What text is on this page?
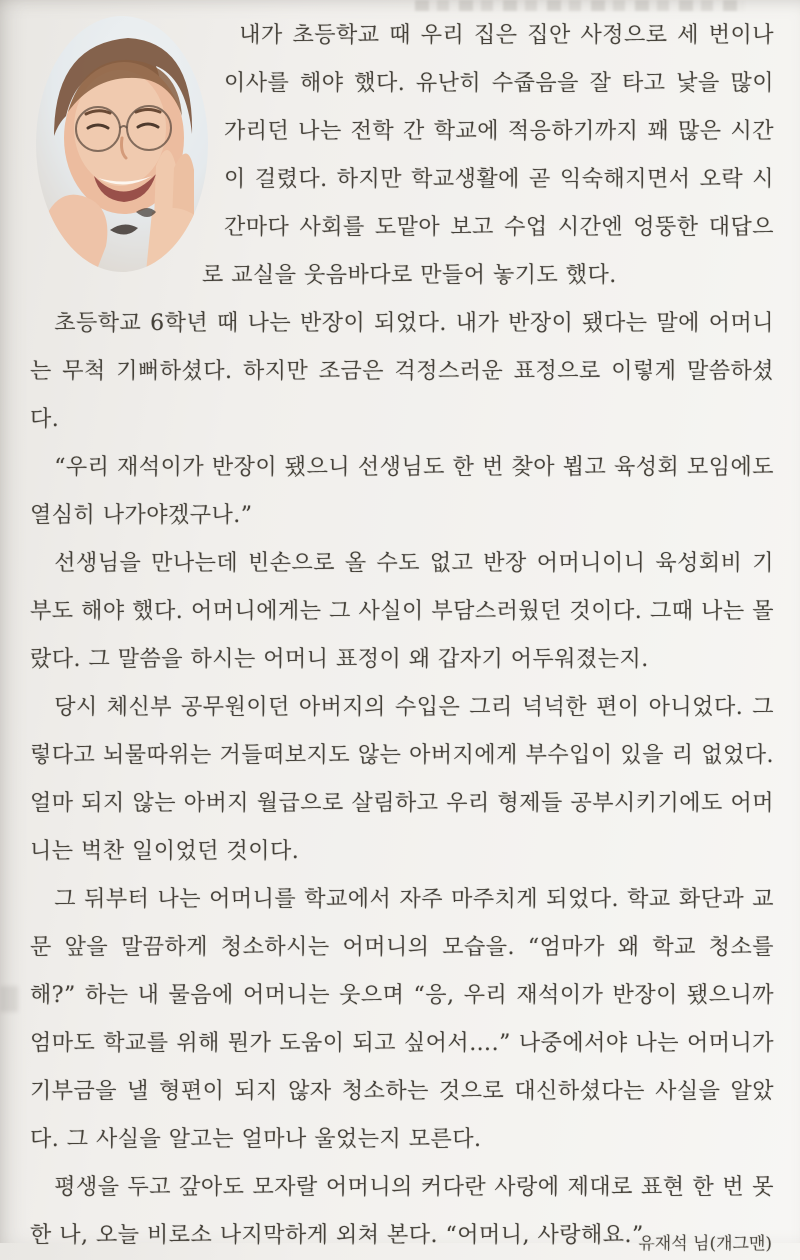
내가 초등학교 때 우리 집은 집안 사정으로 세 번이나 이사를 해야 했다. 유난히 수줍음을 잘 타고 낯을 많이 가리던 나는 전학 간 학교에 적응하기까지 꽤 많은 시간이 걸렸다. 하지만 학교생활에 곧 익숙해지면서 오락 시간마다 사회를 도맡아 보고 수업 시간엔 엉뚱한 대답으로 교실을 웃음바다로 만들어 놓기도 했다.

초등학교 6학년 때 나는 반장이 되었다. 내가 반장이 됐다는 말에 어머니는 무척 기뻐하셨다. 하지만 조금은 걱정스러운 표정으로 이렇게 말씀하셨다.

“우리 재석이가 반장이 됐으니 선생님도 한 번 찾아 뵙고 육성회 모임에도 열심히 나가야겠구나.”

선생님을 만나는데 빈손으로 올 수도 없고 반장 어머니이니 육성회비 기부도 해야 했다. 어머니에게는 그 사실이 부담스러웠던 것이다. 그때 나는 몰랐다. 그 말씀을 하시는 어머니 표정이 왜 갑자기 어두워졌는지.

당시 체신부 공무원이던 아버지의 수입은 그리 넉넉한 편이 아니었다. 그렇다고 뇌물따위는 거들떠보지도 않는 아버지에게 부수입이 있을 리 없었다. 얼마 되지 않는 아버지 월급으로 살림하고 우리 형제들 공부시키기에도 어머니는 벅찬 일이었던 것이다.

그 뒤부터 나는 어머니를 학교에서 자주 마주치게 되었다. 학교 화단과 교문 앞을 말끔하게 청소하시는 어머니의 모습을. “엄마가 왜 학교 청소를 해?” 하는 내 물음에 어머니는 웃으며 “응, 우리 재석이가 반장이 됐으니까 엄마도 학교를 위해 뭔가 도움이 되고 싶어서….” 나중에서야 나는 어머니가 기부금을 낼 형편이 되지 않자 청소하는 것으로 대신하셨다는 사실을 알았다. 그 사실을 알고는 얼마나 울었는지 모른다.

평생을 두고 갚아도 모자랄 어머니의 커다란 사랑에 제대로 표현 한 번 못한 나, 오늘 비로소 나지막하게 외쳐 본다. “어머니, 사랑해요.”
유재석 님(개그맨)
